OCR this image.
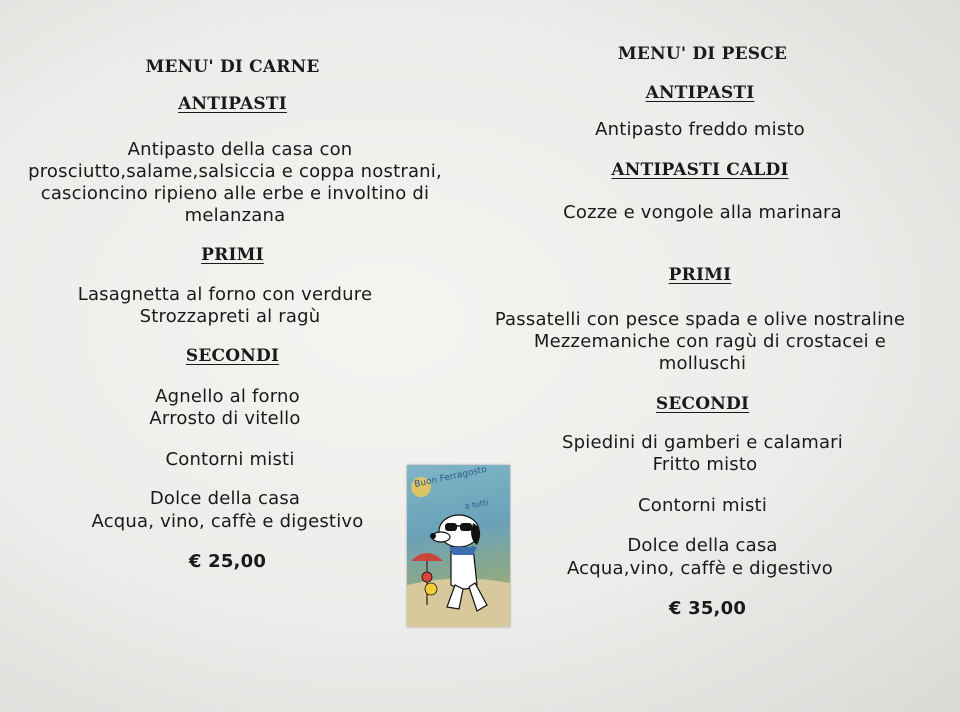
MENU' DI CARNE
ANTIPASTI
Antipasto della casa con
prosciutto,salame,salsiccia e coppa nostrani,
cascioncino ripieno alle erbe e involtino di
melanzana
PRIMI
Lasagnetta al forno con verdure
Strozzapreti al ragù
SECONDI
Agnello al forno
Arrosto di vitello
Contorni misti
Dolce della casa
Acqua, vino, caffè e digestivo
€ 25,00
MENU' DI PESCE
ANTIPASTI
Antipasto freddo misto
ANTIPASTI CALDI
Cozze e vongole alla marinara
PRIMI
Passatelli con pesce spada e olive nostraline
Mezzemaniche con ragù di crostacei e
molluschi
SECONDI
Spiedini di gamberi e calamari
Fritto misto
Contorni misti
Dolce della casa
Acqua,vino, caffè e digestivo
€ 35,00
Buon Ferragosto
a tutti
